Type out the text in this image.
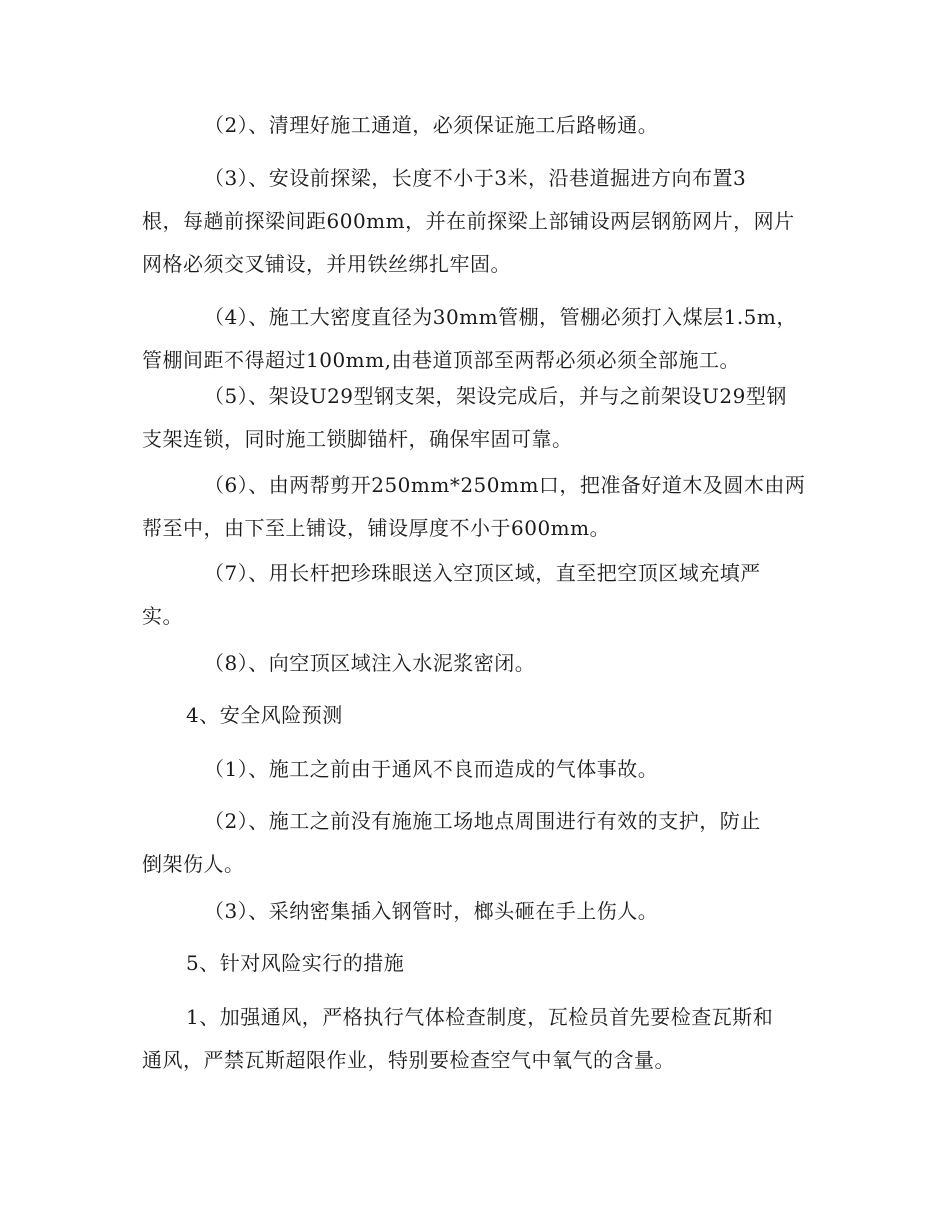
（2）、清理好施工通道，必须保证施工后路畅通。
（3）、安设前探梁，长度不小于3米，沿巷道掘进方向布置3
根，每趟前探梁间距600mm，并在前探梁上部铺设两层钢筋网片，网片
网格必须交叉铺设，并用铁丝绑扎牢固。
（4）、施工大密度直径为30mm管棚，管棚必须打入煤层1.5m，
管棚间距不得超过100mm,由巷道顶部至两帮必须必须全部施工。
（5）、架设U29型钢支架，架设完成后，并与之前架设U29型钢
支架连锁，同时施工锁脚锚杆，确保牢固可靠。
（6）、由两帮剪开250mm*250mm口，把准备好道木及圆木由两
帮至中，由下至上铺设，铺设厚度不小于600mm。
（7）、用长杆把珍珠眼送入空顶区域，直至把空顶区域充填严
实。
（8）、向空顶区域注入水泥浆密闭。
4、安全风险预测
（1）、施工之前由于通风不良而造成的气体事故。
（2）、施工之前没有施施工场地点周围进行有效的支护，防止
倒架伤人。
（3）、采纳密集插入钢管时，榔头砸在手上伤人。
5、针对风险实行的措施
1、加强通风，严格执行气体检查制度，瓦检员首先要检查瓦斯和
通风，严禁瓦斯超限作业，特别要检查空气中氧气的含量。
